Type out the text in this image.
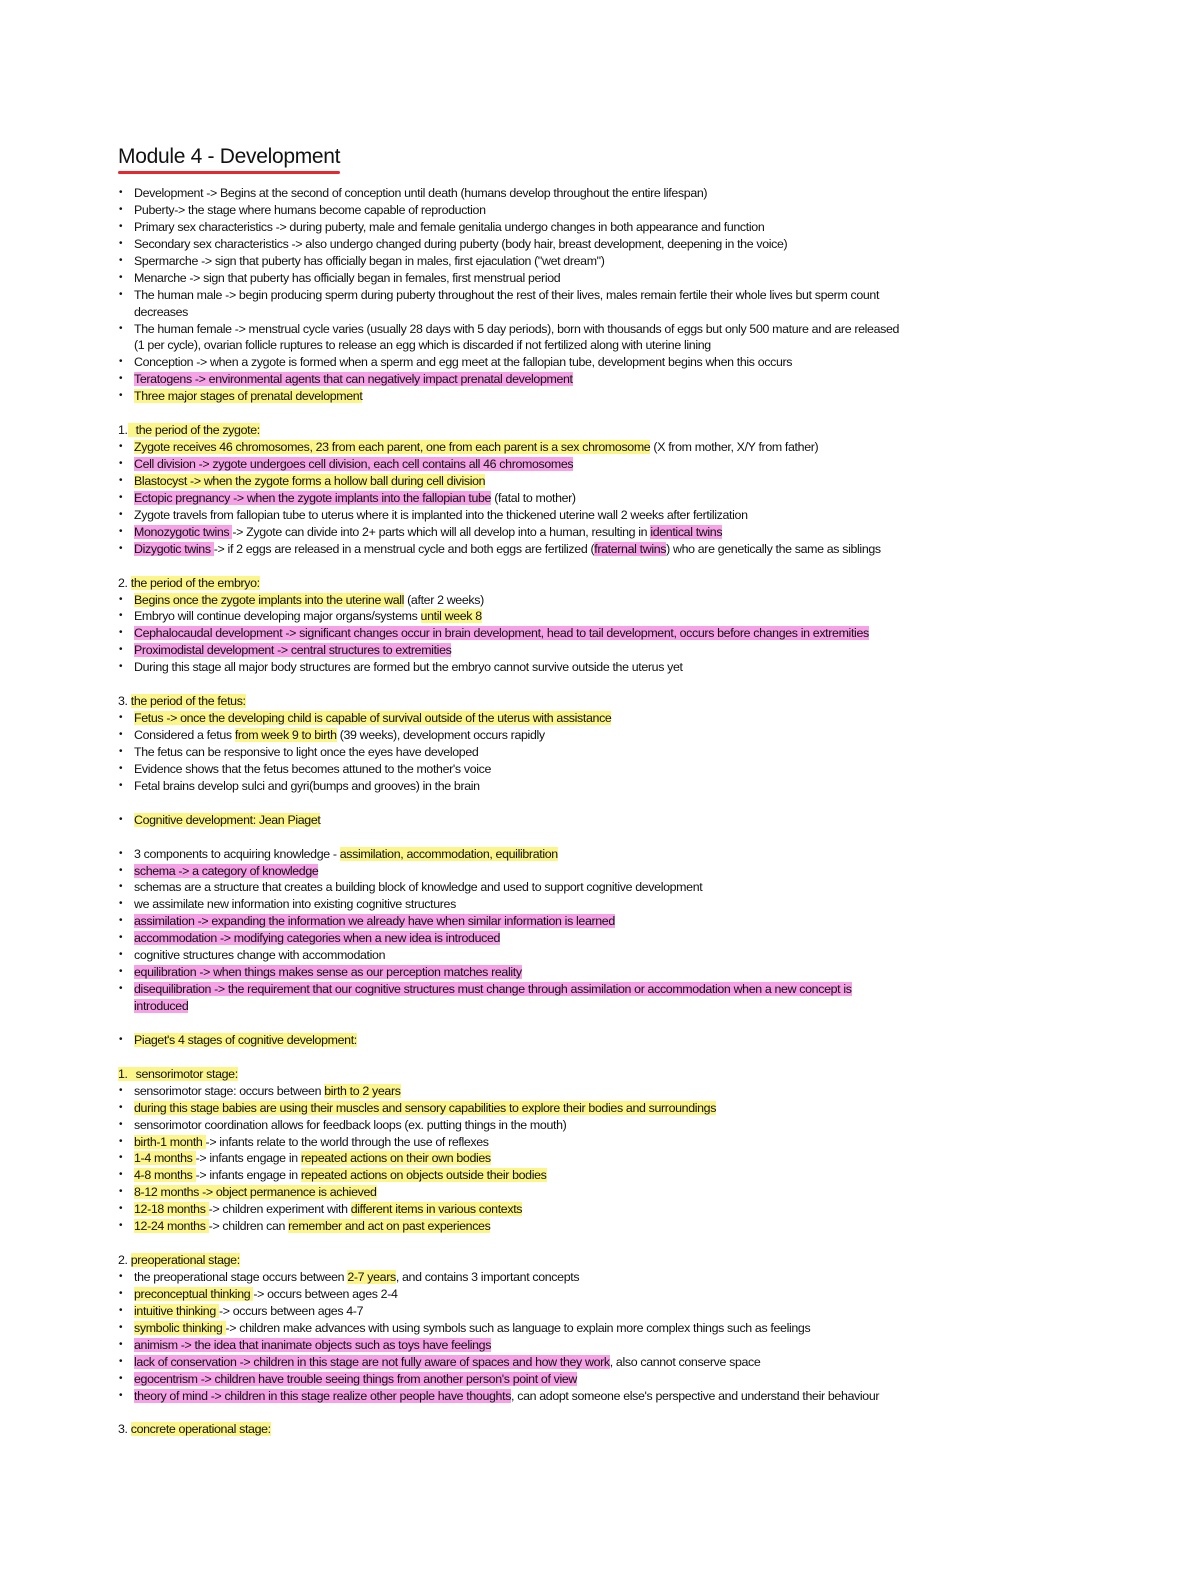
Module 4 - Development
• Development -> Begins at the second of conception until death (humans develop throughout the entire lifespan)
• Puberty-> the stage where humans become capable of reproduction
• Primary sex characteristics -> during puberty, male and female genitalia undergo changes in both appearance and function
• Secondary sex characteristics -> also undergo changed during puberty (body hair, breast development, deepening in the voice)
• Spermarche -> sign that puberty has officially began in males, first ejaculation ("wet dream")
• Menarche -> sign that puberty has officially began in females, first menstrual period
• The human male -> begin producing sperm during puberty throughout the rest of their lives, males remain fertile their whole lives but sperm count
decreases
• The human female -> menstrual cycle varies (usually 28 days with 5 day periods), born with thousands of eggs but only 500 mature and are released
(1 per cycle), ovarian follicle ruptures to release an egg which is discarded if not fertilized along with uterine lining
• Conception -> when a zygote is formed when a sperm and egg meet at the fallopian tube, development begins when this occurs
• Teratogens -> environmental agents that can negatively impact prenatal development
• Three major stages of prenatal development
1. the period of the zygote:
• Zygote receives 46 chromosomes, 23 from each parent, one from each parent is a sex chromosome (X from mother, X/Y from father)
• Cell division -> zygote undergoes cell division, each cell contains all 46 chromosomes
• Blastocyst -> when the zygote forms a hollow ball during cell division
• Ectopic pregnancy -> when the zygote implants into the fallopian tube (fatal to mother)
• Zygote travels from fallopian tube to uterus where it is implanted into the thickened uterine wall 2 weeks after fertilization
• Monozygotic twins -> Zygote can divide into 2+ parts which will all develop into a human, resulting in identical twins
• Dizygotic twins -> if 2 eggs are released in a menstrual cycle and both eggs are fertilized (fraternal twins) who are genetically the same as siblings
2. the period of the embryo:
• Begins once the zygote implants into the uterine wall (after 2 weeks)
• Embryo will continue developing major organs/systems until week 8
• Cephalocaudal development -> significant changes occur in brain development, head to tail development, occurs before changes in extremities
• Proximodistal development -> central structures to extremities
• During this stage all major body structures are formed but the embryo cannot survive outside the uterus yet
3. the period of the fetus:
• Fetus -> once the developing child is capable of survival outside of the uterus with assistance
• Considered a fetus from week 9 to birth (39 weeks), development occurs rapidly
• The fetus can be responsive to light once the eyes have developed
• Evidence shows that the fetus becomes attuned to the mother's voice
• Fetal brains develop sulci and gyri(bumps and grooves) in the brain
• Cognitive development: Jean Piaget
• 3 components to acquiring knowledge - assimilation, accommodation, equilibration
• schema -> a category of knowledge
• schemas are a structure that creates a building block of knowledge and used to support cognitive development
• we assimilate new information into existing cognitive structures
• assimilation -> expanding the information we already have when similar information is learned
• accommodation -> modifying categories when a new idea is introduced
• cognitive structures change with accommodation
• equilibration -> when things makes sense as our perception matches reality
• disequilibration -> the requirement that our cognitive structures must change through assimilation or accommodation when a new concept is
introduced
• Piaget's 4 stages of cognitive development:
1. sensorimotor stage:
• sensorimotor stage: occurs between birth to 2 years
• during this stage babies are using their muscles and sensory capabilities to explore their bodies and surroundings
• sensorimotor coordination allows for feedback loops (ex. putting things in the mouth)
• birth-1 month -> infants relate to the world through the use of reflexes
• 1-4 months -> infants engage in repeated actions on their own bodies
• 4-8 months -> infants engage in repeated actions on objects outside their bodies
• 8-12 months -> object permanence is achieved
• 12-18 months -> children experiment with different items in various contexts
• 12-24 months -> children can remember and act on past experiences
2. preoperational stage:
• the preoperational stage occurs between 2-7 years, and contains 3 important concepts
• preconceptual thinking -> occurs between ages 2-4
• intuitive thinking -> occurs between ages 4-7
• symbolic thinking -> children make advances with using symbols such as language to explain more complex things such as feelings
• animism -> the idea that inanimate objects such as toys have feelings
• lack of conservation -> children in this stage are not fully aware of spaces and how they work, also cannot conserve space
• egocentrism -> children have trouble seeing things from another person's point of view
• theory of mind -> children in this stage realize other people have thoughts, can adopt someone else's perspective and understand their behaviour
3. concrete operational stage:
